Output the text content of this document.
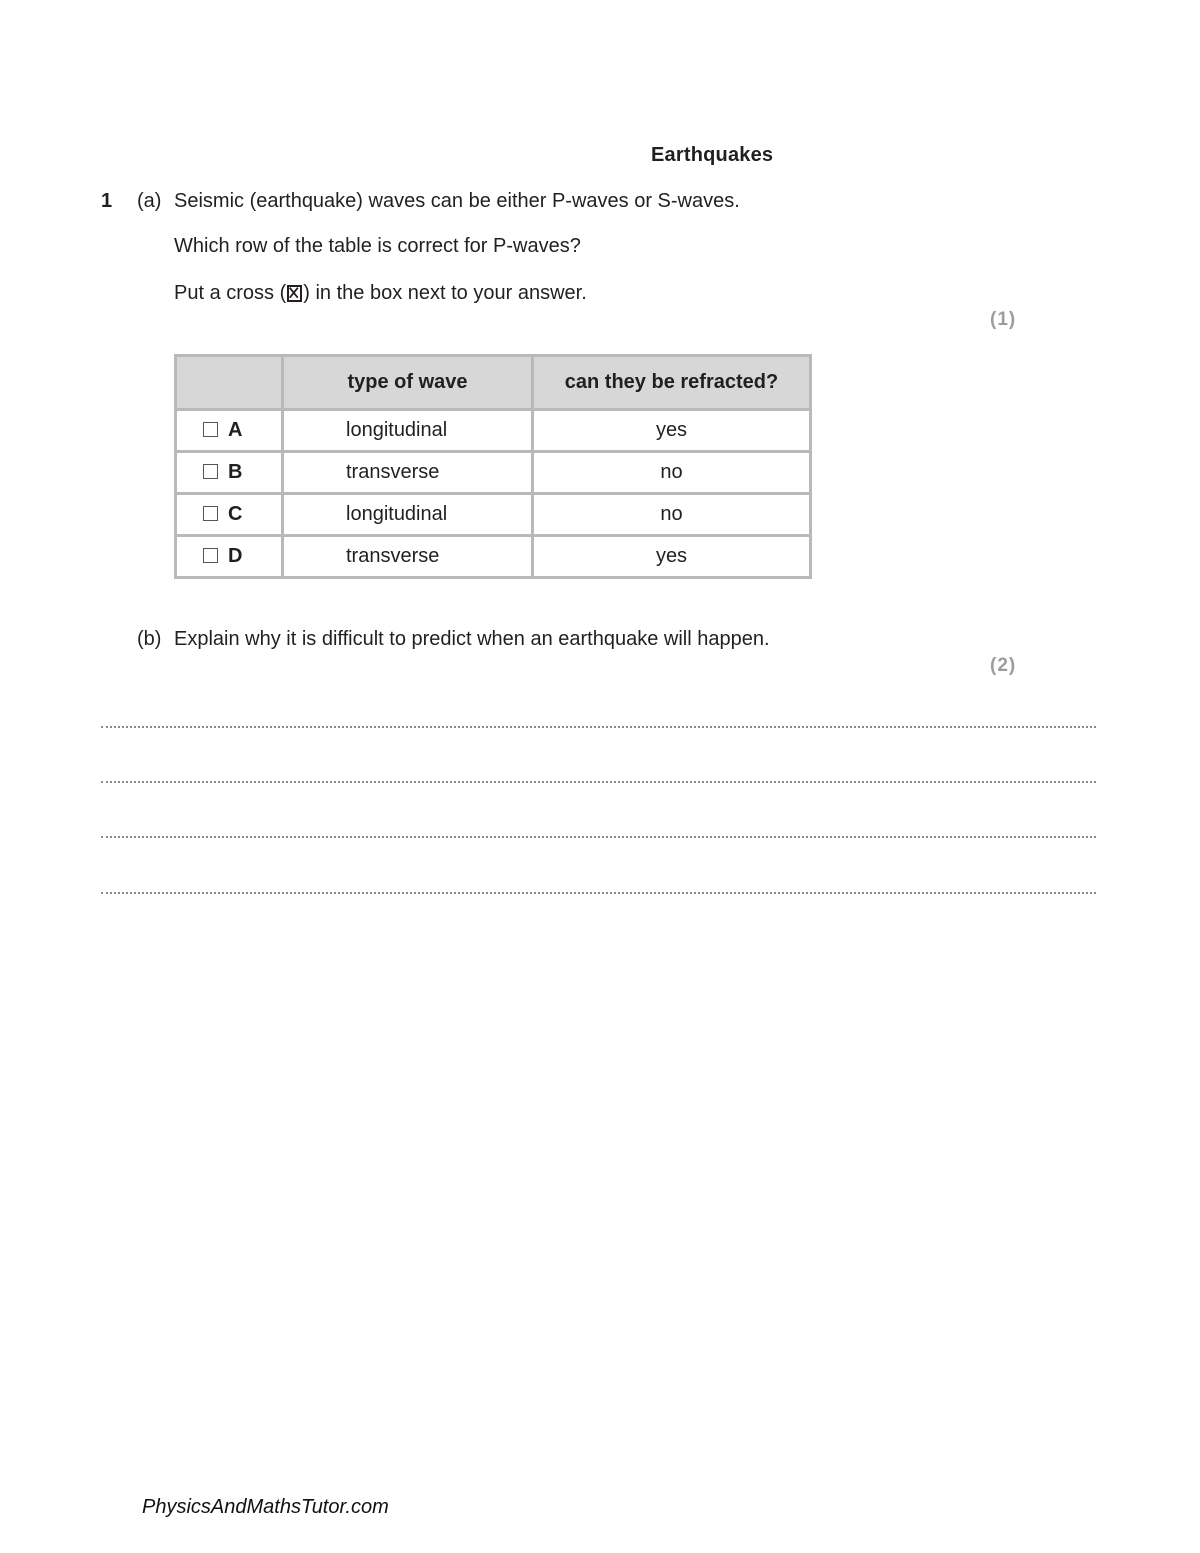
Earthquakes
1 (a) Seismic (earthquake) waves can be either P-waves or S-waves.
Which row of the table is correct for P-waves?
Put a cross (☒) in the box next to your answer.
(1)
	type of wave	can they be refracted?
A	longitudinal	yes
B	transverse	no
C	longitudinal	no
D	transverse	yes
(b) Explain why it is difficult to predict when an earthquake will happen.
(2)
PhysicsAndMathsTutor.com
